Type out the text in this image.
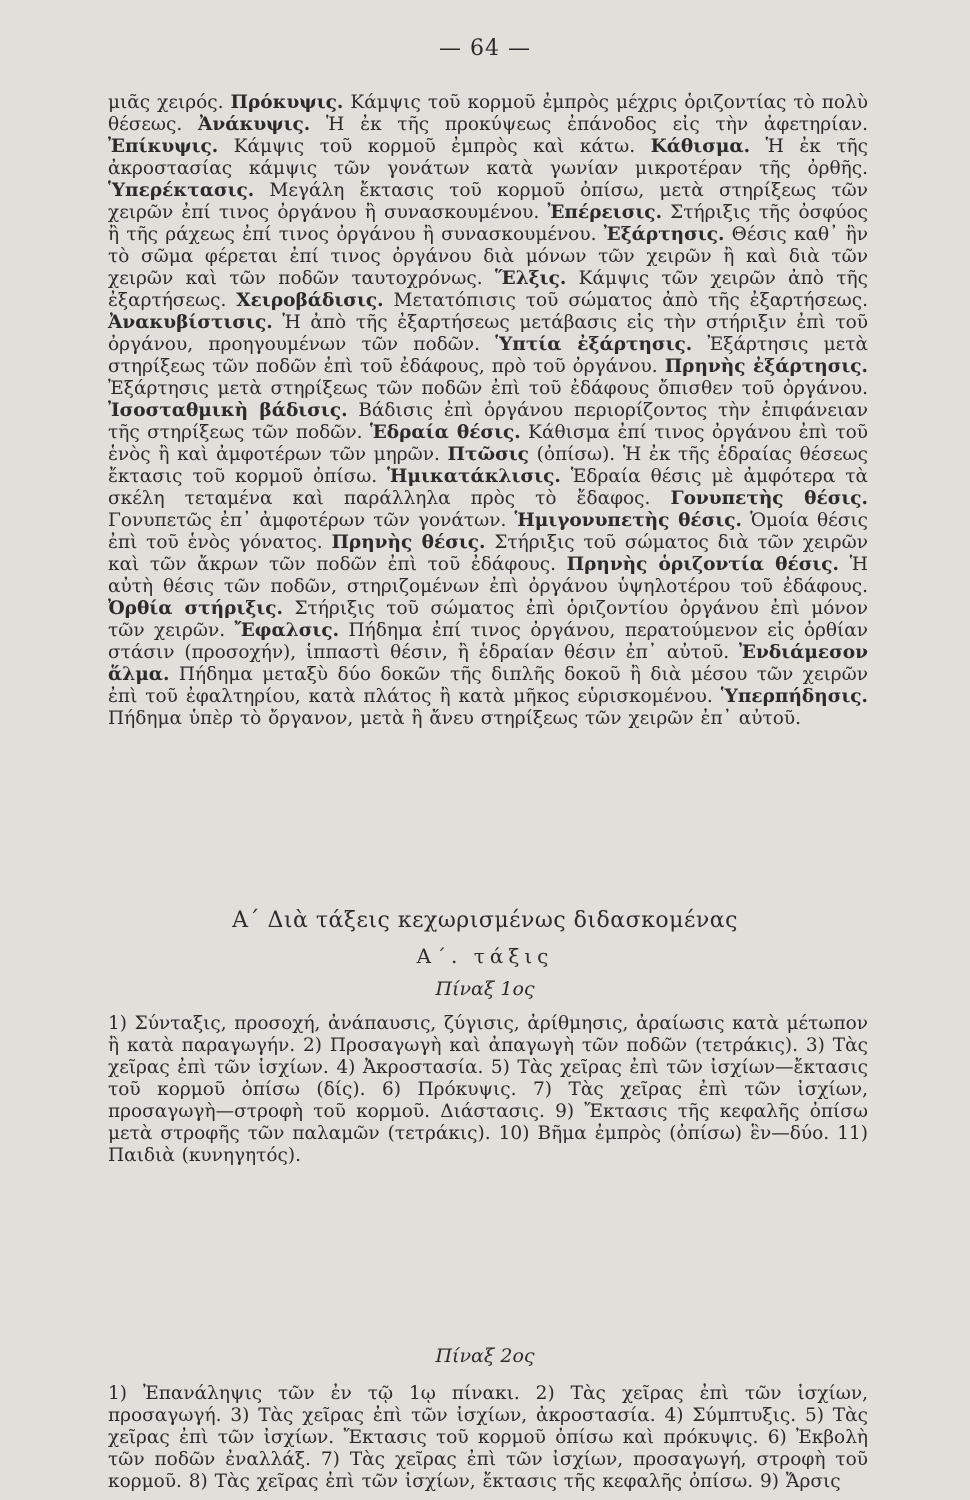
— 64 —

μιᾶς χειρός. Πρόκυψις. Κάμψις τοῦ κορμοῦ ἐμπρὸς μέχρις ὁριζοντίας τὸ πολὺ θέσεως. Ἀνάκυψις. Ἡ ἐκ τῆς προκύψεως ἐπάνοδος εἰς τὴν ἀφετηρίαν. Ἐπίκυψις. Κάμψις τοῦ κορμοῦ ἐμπρὸς καὶ κάτω. Κάθισμα. Ἡ ἐκ τῆς ἀκροστασίας κάμψις τῶν γονάτων κατὰ γωνίαν μικροτέραν τῆς ὀρθῆς. Ὑπερέκτασις. Μεγάλη ἔκτασις τοῦ κορμοῦ ὀπίσω, μετὰ στηρίξεως τῶν χειρῶν ἐπί τινος ὀργάνου ἢ συνασκουμένου. Ἐπέρεισις. Στήριξις τῆς ὀσφύος ἢ τῆς ράχεως ἐπί τινος ὀργάνου ἢ συνασκουμένου. Ἐξάρτησις. Θέσις καθ᾽ ἣν τὸ σῶμα φέρεται ἐπί τινος ὀργάνου διὰ μόνων τῶν χειρῶν ἢ καὶ διὰ τῶν χειρῶν καὶ τῶν ποδῶν ταυτοχρόνως. Ἕλξις. Κάμψις τῶν χειρῶν ἀπὸ τῆς ἐξαρτήσεως. Χειροβάδισις. Μετατόπισις τοῦ σώματος ἀπὸ τῆς ἐξαρτήσεως. Ἀνακυβίστισις. Ἡ ἀπὸ τῆς ἐξαρτήσεως μετάβασις εἰς τὴν στήριξιν ἐπὶ τοῦ ὀργάνου, προηγουμένων τῶν ποδῶν. Ὑπτία ἐξάρτησις. Ἐξάρτησις μετὰ στηρίξεως τῶν ποδῶν ἐπὶ τοῦ ἐδάφους, πρὸ τοῦ ὀργάνου. Πρηνὴς ἐξάρτησις. Ἐξάρτησις μετὰ στηρίξεως τῶν ποδῶν ἐπὶ τοῦ ἐδάφους ὄπισθεν τοῦ ὀργάνου. Ἰσοσταθμικὴ βάδισις. Βάδισις ἐπὶ ὀργάνου περιορίζοντος τὴν ἐπιφάνειαν τῆς στηρίξεως τῶν ποδῶν. Ἑδραία θέσις. Κάθισμα ἐπί τινος ὀργάνου ἐπὶ τοῦ ἑνὸς ἢ καὶ ἀμφοτέρων τῶν μηρῶν. Πτῶσις (ὀπίσω). Ἡ ἐκ τῆς ἑδραίας θέσεως ἔκτασις τοῦ κορμοῦ ὀπίσω. Ἡμικατάκλισις. Ἑδραία θέσις μὲ ἀμφότερα τὰ σκέλη τεταμένα καὶ παράλληλα πρὸς τὸ ἔδαφος. Γονυπετὴς θέσις. Γονυπετῶς ἐπ᾽ ἀμφοτέρων τῶν γονάτων. Ἡμιγονυπετὴς θέσις. Ὁμοία θέσις ἐπὶ τοῦ ἑνὸς γόνατος. Πρηνὴς θέσις. Στήριξις τοῦ σώματος διὰ τῶν χειρῶν καὶ τῶν ἄκρων τῶν ποδῶν ἐπὶ τοῦ ἐδάφους. Πρηνὴς ὁριζοντία θέσις. Ἡ αὐτὴ θέσις τῶν ποδῶν, στηριζομένων ἐπὶ ὀργάνου ὑψηλοτέρου τοῦ ἐδάφους. Ὀρθία στήριξις. Στήριξις τοῦ σώματος ἐπὶ ὁριζοντίου ὀργάνου ἐπὶ μόνον τῶν χειρῶν. Ἔφαλσις. Πήδημα ἐπί τινος ὀργάνου, περατούμενον εἰς ὀρθίαν στάσιν (προσοχήν), ἱππαστὶ θέσιν, ἢ ἑδραίαν θέσιν ἐπ᾽ αὐτοῦ. Ἐνδιάμεσον ἅλμα. Πήδημα μεταξὺ δύο δοκῶν τῆς διπλῆς δοκοῦ ἢ διὰ μέσου τῶν χειρῶν ἐπὶ τοῦ ἐφαλτηρίου, κατὰ πλάτος ἢ κατὰ μῆκος εὑρισκομένου. Ὑπερπήδησις. Πήδημα ὑπὲρ τὸ ὄργανον, μετὰ ἢ ἄνευ στηρίξεως τῶν χειρῶν ἐπ᾽ αὐτοῦ.

Α΄ Διὰ τάξεις κεχωρισμένως διδασκομένας
Α΄. τάξις
Πίναξ 1ος

1) Σύνταξις, προσοχή, ἀνάπαυσις, ζύγισις, ἀρίθμησις, ἀραίωσις κατὰ μέτωπον ἢ κατὰ παραγωγήν. 2) Προσαγωγὴ καὶ ἀπαγωγὴ τῶν ποδῶν (τετράκις). 3) Τὰς χεῖρας ἐπὶ τῶν ἰσχίων. 4) Ἀκροστασία. 5) Τὰς χεῖρας ἐπὶ τῶν ἰσχίων—ἔκτασις τοῦ κορμοῦ ὀπίσω (δίς). 6) Πρόκυψις. 7) Τὰς χεῖρας ἐπὶ τῶν ἰσχίων, προσαγωγὴ—στροφὴ τοῦ κορμοῦ. Διάστασις. 9) Ἔκτασις τῆς κεφαλῆς ὀπίσω μετὰ στροφῆς τῶν παλαμῶν (τετράκις). 10) Βῆμα ἐμπρὸς (ὀπίσω) ἓν—δύο. 11) Παιδιὰ (κυνηγητός).

Πίναξ 2ος

1) Ἐπανάληψις τῶν ἐν τῷ 1ῳ πίνακι. 2) Τὰς χεῖρας ἐπὶ τῶν ἰσχίων, προσαγωγή. 3) Τὰς χεῖρας ἐπὶ τῶν ἰσχίων, ἀκροστασία. 4) Σύμπτυξις. 5) Τὰς χεῖρας ἐπὶ τῶν ἰσχίων. Ἔκτασις τοῦ κορμοῦ ὀπίσω καὶ πρόκυψις. 6) Ἐκβολὴ τῶν ποδῶν ἐναλλάξ. 7) Τὰς χεῖρας ἐπὶ τῶν ἰσχίων, προσαγωγή, στροφὴ τοῦ κορμοῦ. 8) Τὰς χεῖρας ἐπὶ τῶν ἰσχίων, ἔκτασις τῆς κεφαλῆς ὀπίσω. 9) Ἄρσις
